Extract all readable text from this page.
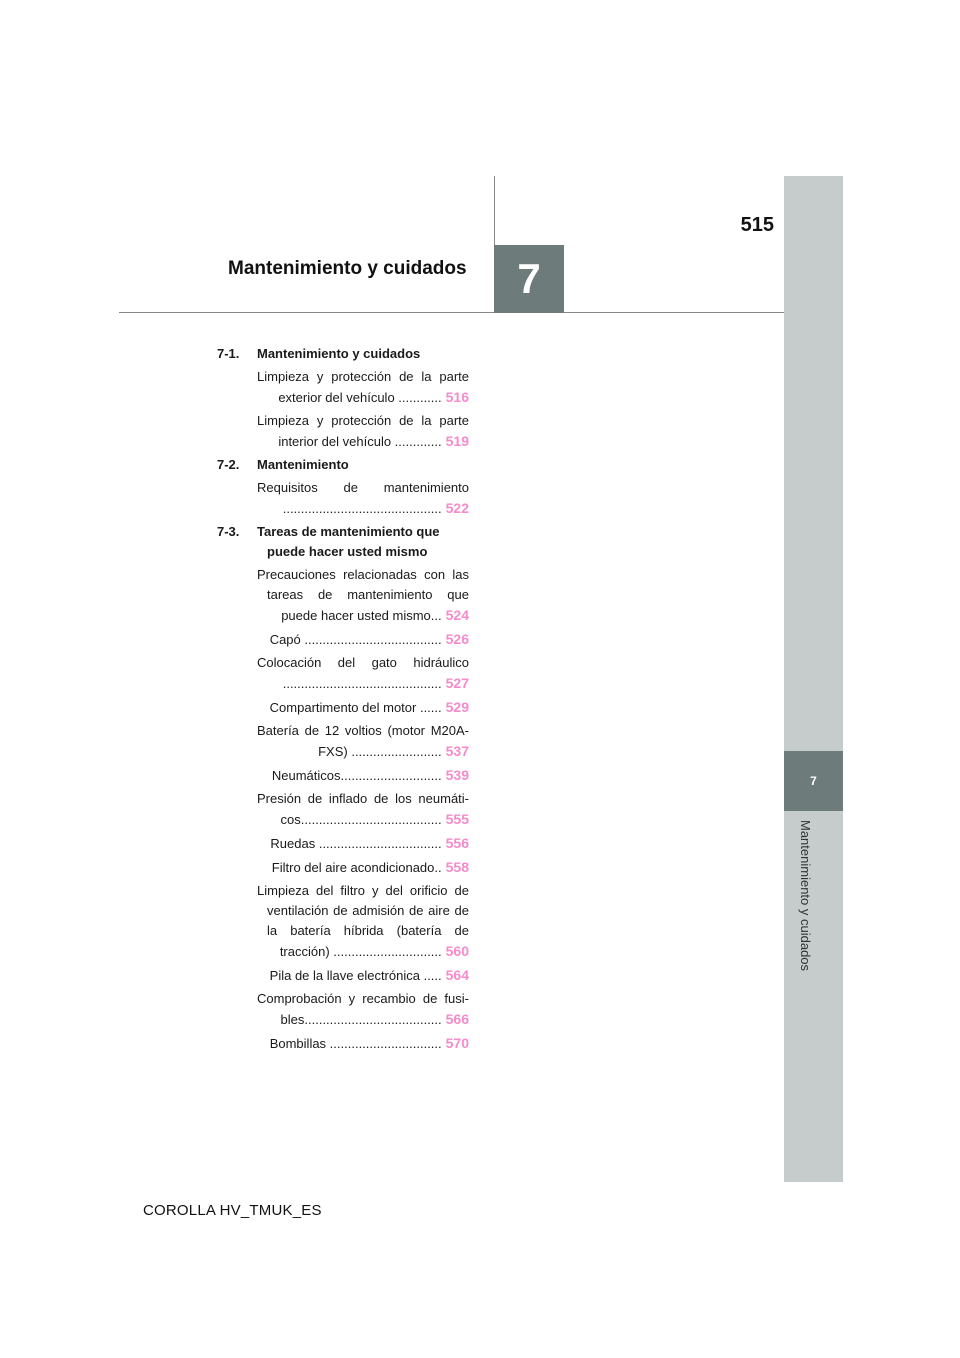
7
Mantenimiento y cuidados
515
Mantenimiento y cuidados	7
7-1. Mantenimiento y cuidados
Limpieza y protección de la parte exterior del vehículo ............ 516
Limpieza y protección de la parte interior del vehículo ............. 519
7-2. Mantenimiento
Requisitos de mantenimiento ............................................ 522
7-3. Tareas de mantenimiento que puede hacer usted mismo
Precauciones relacionadas con las tareas de mantenimiento que puede hacer usted mismo... 524
Capó ...................................... 526
Colocación del gato hidráulico ............................................ 527
Compartimento del motor ...... 529
Batería de 12 voltios (motor M20A-FXS) ......................... 537
Neumáticos............................ 539
Presión de inflado de los neumáti-cos....................................... 555
Ruedas .................................. 556
Filtro del aire acondicionado.. 558
Limpieza del filtro y del orificio de ventilación de admisión de aire de la batería híbrida (batería de tracción) .............................. 560
Pila de la llave electrónica ..... 564
Comprobación y recambio de fusi-bles...................................... 566
Bombillas ............................... 570
COROLLA HV_TMUK_ES
